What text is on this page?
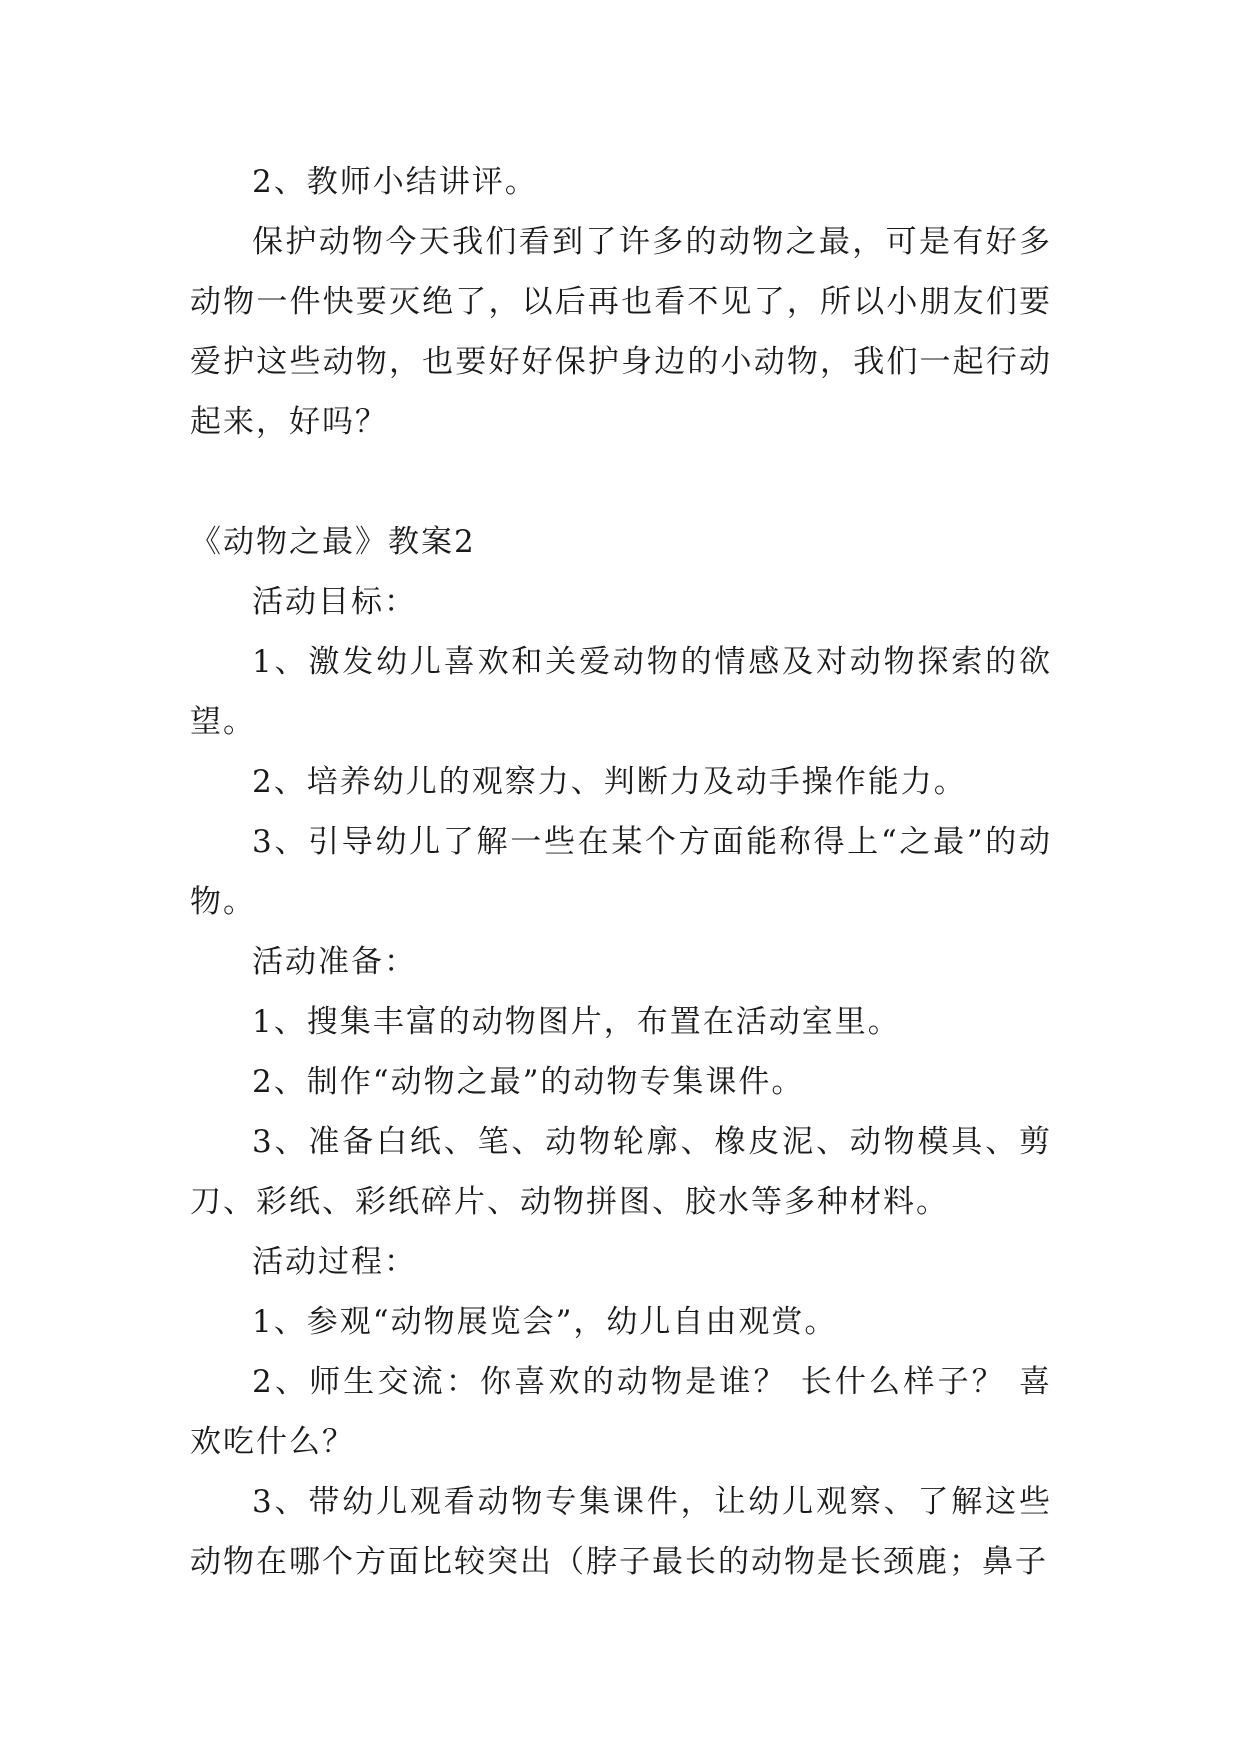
2、教师小结讲评。

保护动物今天我们看到了许多的动物之最，可是有好多动物一件快要灭绝了，以后再也看不见了，所以小朋友们要爱护这些动物，也要好好保护身边的小动物，我们一起行动起来，好吗？

《动物之最》教案2

活动目标：

1、激发幼儿喜欢和关爱动物的情感及对动物探索的欲望。

2、培养幼儿的观察力、判断力及动手操作能力。

3、引导幼儿了解一些在某个方面能称得上“之最”的动物。

活动准备：

1、搜集丰富的动物图片，布置在活动室里。

2、制作“动物之最”的动物专集课件。

3、准备白纸、笔、动物轮廓、橡皮泥、动物模具、剪刀、彩纸、彩纸碎片、动物拼图、胶水等多种材料。

活动过程：

1、参观“动物展览会”，幼儿自由观赏。

2、师生交流：你喜欢的动物是谁？ 长什么样子？ 喜欢吃什么？

3、带幼儿观看动物专集课件，让幼儿观察、了解这些动物在哪个方面比较突出（脖子最长的动物是长颈鹿；鼻子
